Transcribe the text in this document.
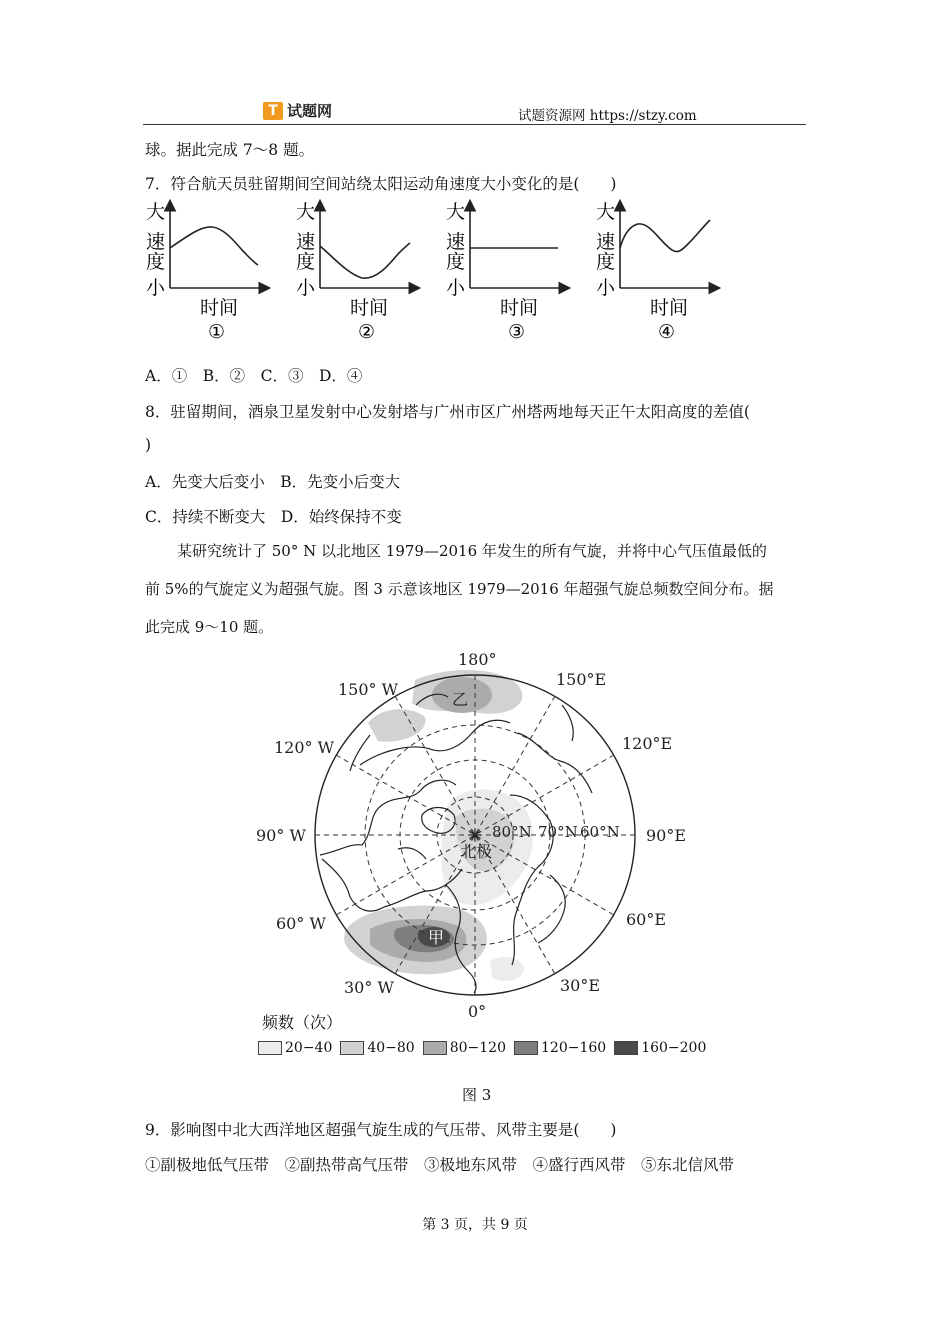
T 试题网	试题资源网 https://stzy.com
球。据此完成 7～8 题。
7．符合航天员驻留期间空间站绕太阳运动角速度大小变化的是(　　)
大
速
度
小
时间
①
大
速
度
小
时间
②
大
速
度
小
时间
③
大
速
度
小
时间
④
A．①　B．②　C．③　D．④
8．驻留期间，酒泉卫星发射中心发射塔与广州市区广州塔两地每天正午太阳高度的差值(
)
A．先变大后变小　B．先变小后变大
C．持续不断变大　D．始终保持不变
某研究统计了 50° N 以北地区 1979—2016 年发生的所有气旋，并将中心气压值最低的
前 5%的气旋定义为超强气旋。图 3 示意该地区 1979—2016 年超强气旋总频数空间分布。据
此完成 9～10 题。
180°
150° W
150°E
120° W	120°E
90° W	90°E
60° W	60°E
30° W	30°E
0°
80°N 70°N 60°N
北极
甲
乙
频数（次）
20−40	40−80	80−120	120−160	160−200
图 3
9．影响图中北大西洋地区超强气旋生成的气压带、风带主要是(　　)
①副极地低气压带　②副热带高气压带　③极地东风带　④盛行西风带　⑤东北信风带
第 3 页，共 9 页
